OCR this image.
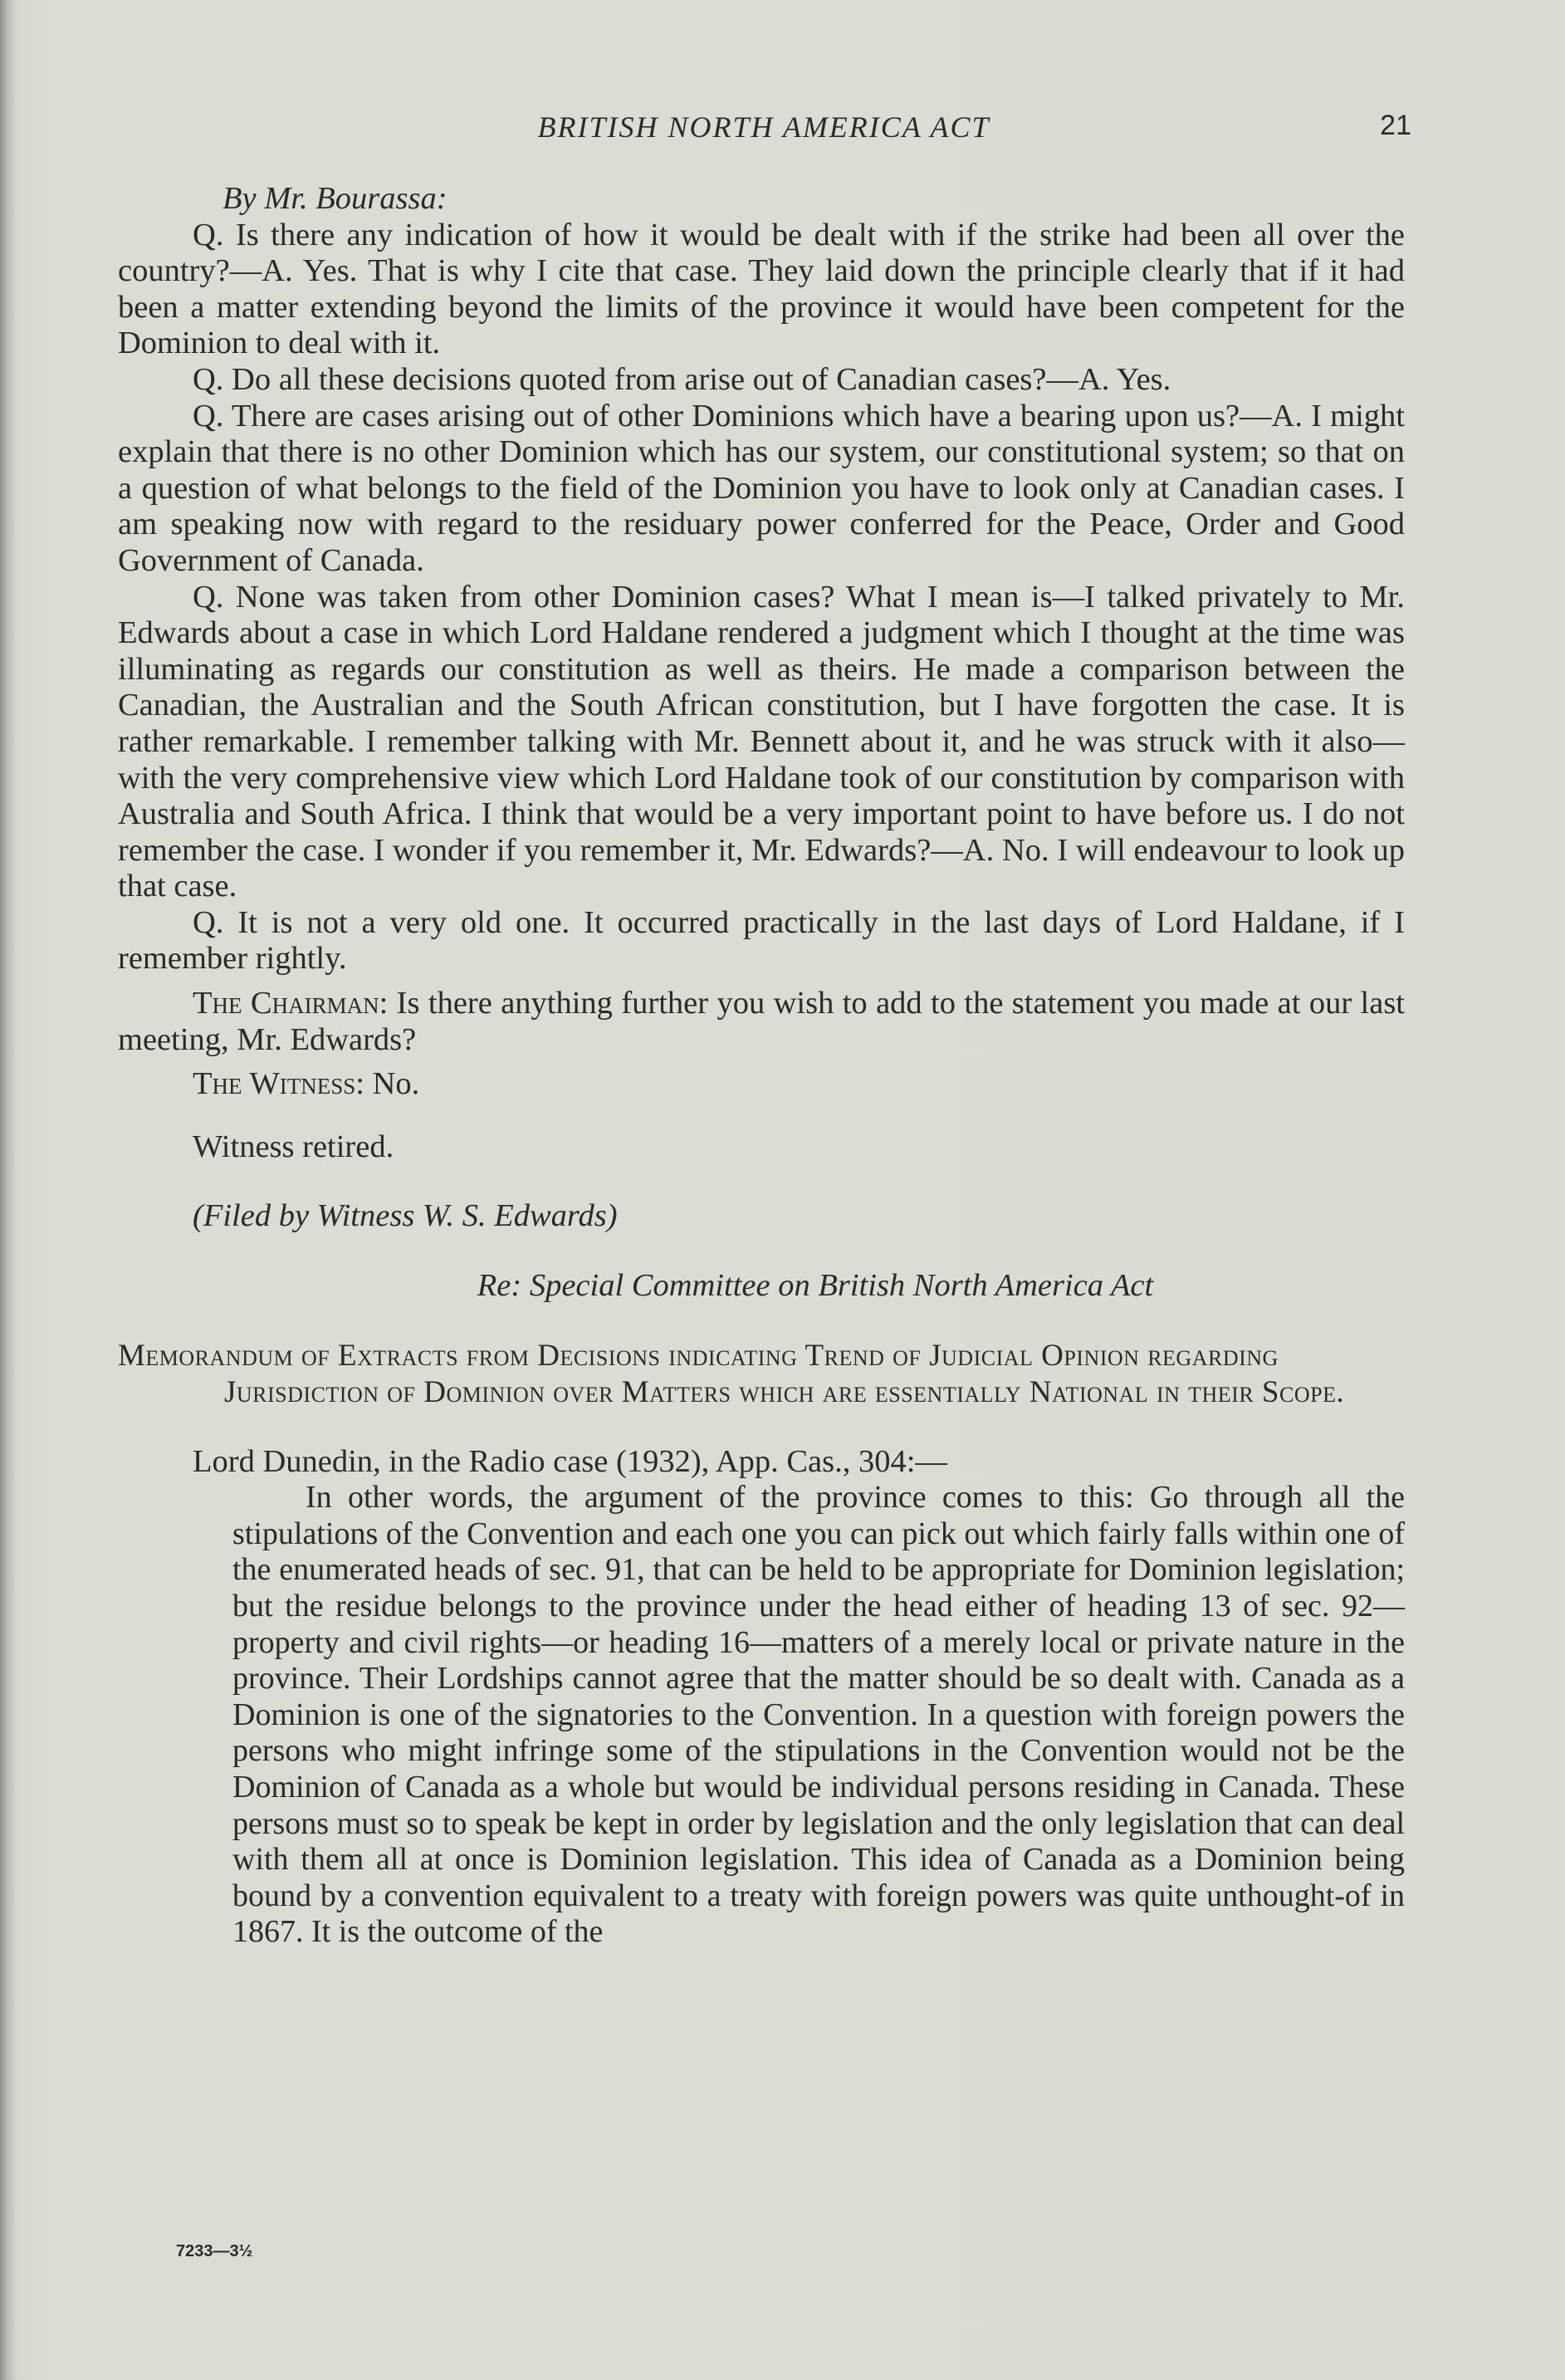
BRITISH NORTH AMERICA ACT	21

By Mr. Bourassa:

Q. Is there any indication of how it would be dealt with if the strike had been all over the country?—A. Yes. That is why I cite that case. They laid down the principle clearly that if it had been a matter extending beyond the limits of the province it would have been competent for the Dominion to deal with it.

Q. Do all these decisions quoted from arise out of Canadian cases?—A. Yes.

Q. There are cases arising out of other Dominions which have a bearing upon us?—A. I might explain that there is no other Dominion which has our system, our constitutional system; so that on a question of what belongs to the field of the Dominion you have to look only at Canadian cases. I am speaking now with regard to the residuary power conferred for the Peace, Order and Good Government of Canada.

Q. None was taken from other Dominion cases? What I mean is—I talked privately to Mr. Edwards about a case in which Lord Haldane rendered a judgment which I thought at the time was illuminating as regards our constitution as well as theirs. He made a comparison between the Canadian, the Australian and the South African constitution, but I have forgotten the case. It is rather remarkable. I remember talking with Mr. Bennett about it, and he was struck with it also—with the very comprehensive view which Lord Haldane took of our constitution by comparison with Australia and South Africa. I think that would be a very important point to have before us. I do not remember the case. I wonder if you remember it, Mr. Edwards?—A. No. I will endeavour to look up that case.

Q. It is not a very old one. It occurred practically in the last days of Lord Haldane, if I remember rightly.

The Chairman: Is there anything further you wish to add to the statement you made at our last meeting, Mr. Edwards?

The Witness: No.

Witness retired.

(Filed by Witness W. S. Edwards)

Re: Special Committee on British North America Act

Memorandum of Extracts from Decisions indicating Trend of Judicial Opinion regarding Jurisdiction of Dominion over Matters which are essentially National in their Scope.

Lord Dunedin, in the Radio case (1932), App. Cas., 304:—

In other words, the argument of the province comes to this: Go through all the stipulations of the Convention and each one you can pick out which fairly falls within one of the enumerated heads of sec. 91, that can be held to be appropriate for Dominion legislation; but the residue belongs to the province under the head either of heading 13 of sec. 92—property and civil rights—or heading 16—matters of a merely local or private nature in the province. Their Lordships cannot agree that the matter should be so dealt with. Canada as a Dominion is one of the signatories to the Convention. In a question with foreign powers the persons who might infringe some of the stipulations in the Convention would not be the Dominion of Canada as a whole but would be individual persons residing in Canada. These persons must so to speak be kept in order by legislation and the only legislation that can deal with them all at once is Dominion legislation. This idea of Canada as a Dominion being bound by a convention equivalent to a treaty with foreign powers was quite unthought-of in 1867. It is the outcome of the

7233—3½
